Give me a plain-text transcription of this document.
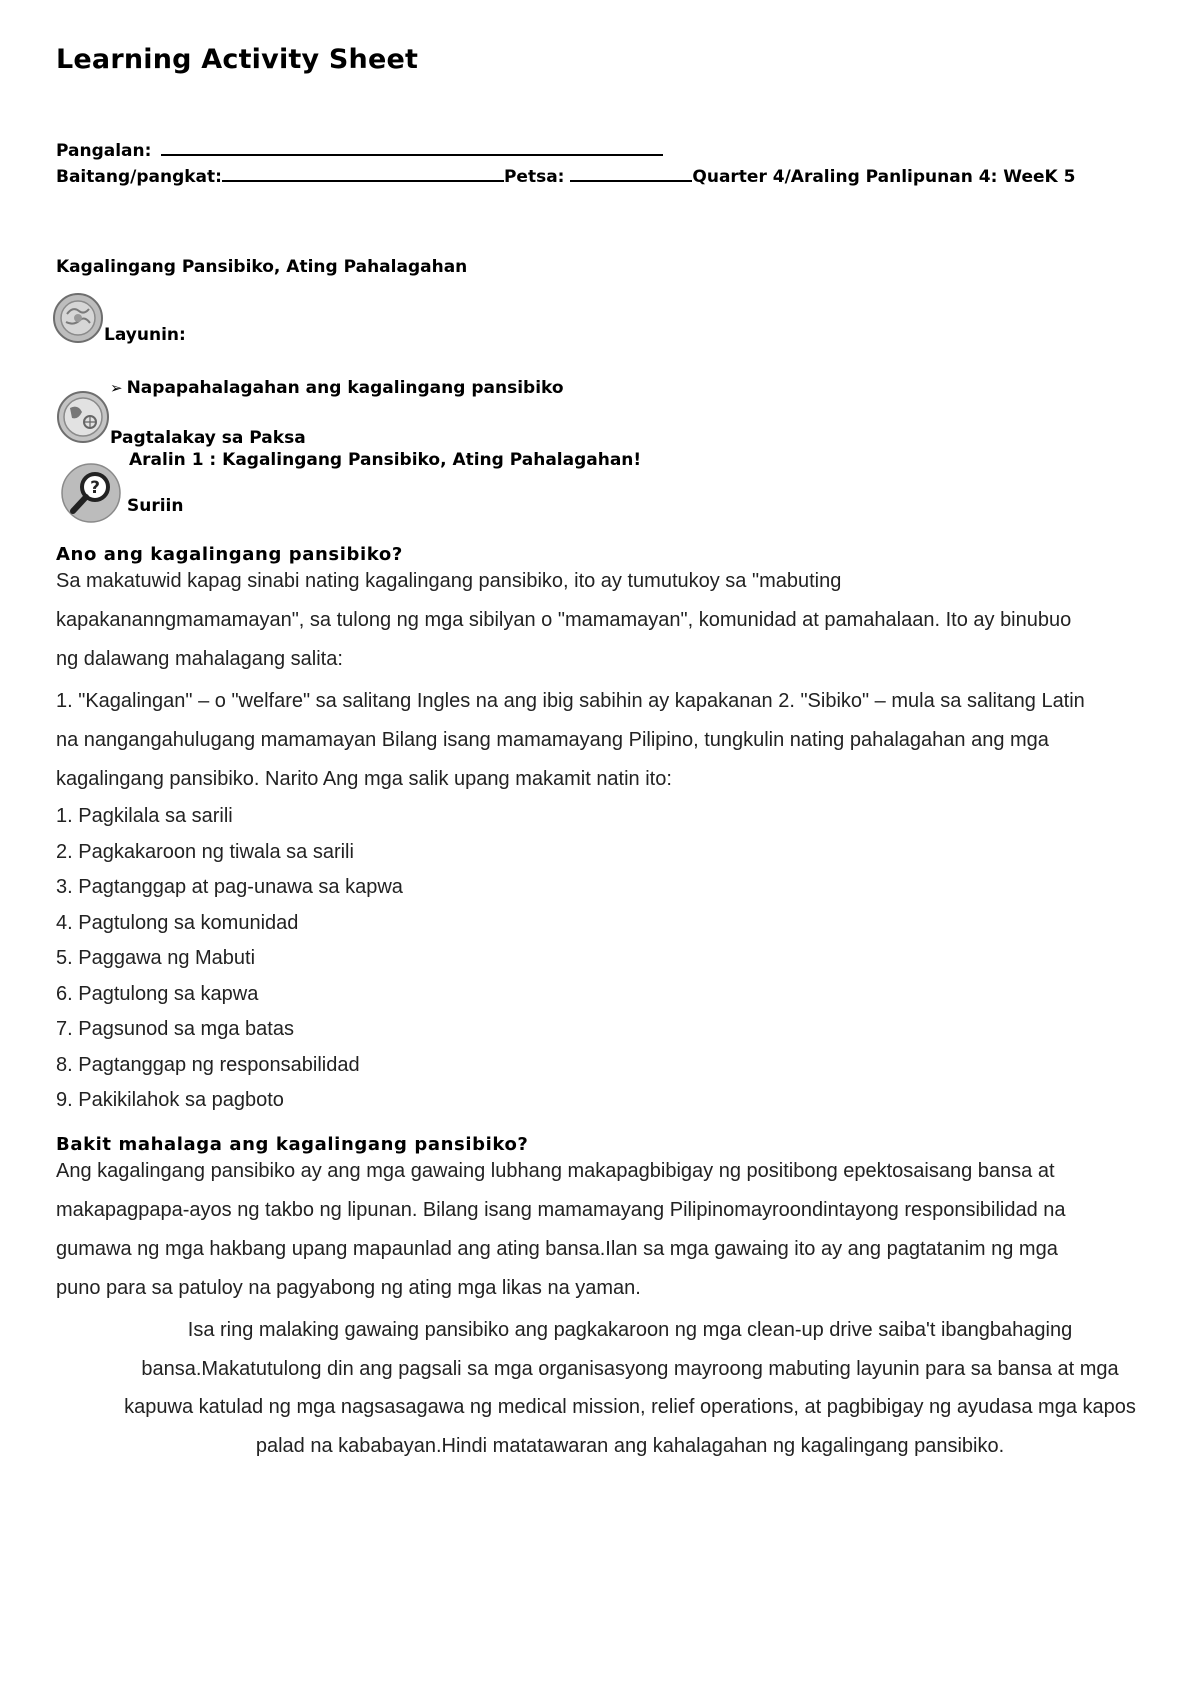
Learning Activity Sheet
Pangalan:
Baitang/pangkat:	Petsa:	Quarter 4/Araling Panlipunan 4: WeeK 5
Kagalingang Pansibiko, Ating Pahalagahan
Layunin:
➢ Napapahalagahan ang kagalingang pansibiko
Pagtalakay sa Paksa
Aralin 1 : Kagalingang Pansibiko, Ating Pahalagahan!
?
Suriin
Ano ang kagalingang pansibiko?

Sa makatuwid kapag sinabi nating kagalingang pansibiko, ito ay tumutukoy sa "mabuting
kapakananngmamamayan", sa tulong ng mga sibilyan o "mamamayan", komunidad at pamahalaan. Ito ay binubuo
ng dalawang mahalagang salita:

1. "Kagalingan" – o "welfare" sa salitang Ingles na ang ibig sabihin ay kapakanan 2. "Sibiko" – mula sa salitang Latin
na nangangahulugang mamamayan Bilang isang mamamayang Pilipino, tungkulin nating pahalagahan ang mga
kagalingang pansibiko. Narito Ang mga salik upang makamit natin ito:

1. Pagkilala sa sarili
2. Pagkakaroon ng tiwala sa sarili
3. Pagtanggap at pag-unawa sa kapwa
4. Pagtulong sa komunidad
5. Paggawa ng Mabuti
6. Pagtulong sa kapwa
7. Pagsunod sa mga batas
8. Pagtanggap ng responsabilidad
9. Pakikilahok sa pagboto
Bakit mahalaga ang kagalingang pansibiko?

Ang kagalingang pansibiko ay ang mga gawaing lubhang makapagbibigay ng positibong epektosaisang bansa at
makapagpapa-ayos ng takbo ng lipunan. Bilang isang mamamayang Pilipinomayroondintayong responsibilidad na
gumawa ng mga hakbang upang mapaunlad ang ating bansa.Ilan sa mga gawaing ito ay ang pagtatanim ng mga
puno para sa patuloy na pagyabong ng ating mga likas na yaman.

Isa ring malaking gawaing pansibiko ang pagkakaroon ng mga clean-up drive saiba't ibangbahaging
bansa.Makatutulong din ang pagsali sa mga organisasyong mayroong mabuting layunin para sa bansa at mga
kapuwa katulad ng mga nagsasagawa ng medical mission, relief operations, at pagbibigay ng ayudasa mga kapos
palad na kababayan.Hindi matatawaran ang kahalagahan ng kagalingang pansibiko.
